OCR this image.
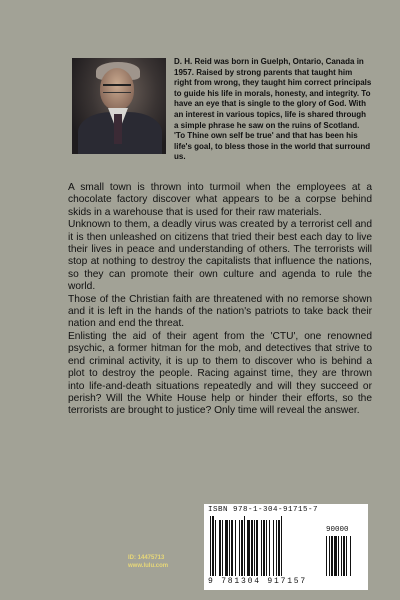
D. H. Reid was born in Guelph, Ontario, Canada in 1957. Raised by strong parents that taught him right from wrong, they taught him correct principals to guide his life in morals, honesty, and integrity. To have an eye that is single to the glory of God. With an interest in various topics, life is shared through a simple phrase he saw on the ruins of Scotland. 'To Thine own self be true' and that has been his life's goal, to bless those in the world that surround us.

A small town is thrown into turmoil when the employees at a chocolate factory discover what appears to be a corpse behind skids in a warehouse that is used for their raw materials.

Unknown to them, a deadly virus was created by a terrorist cell and it is then unleashed on citizens that tried their best each day to live their lives in peace and understanding of others. The terrorists will stop at nothing to destroy the capitalists that influence the nations, so they can promote their own culture and agenda to rule the world.

Those of the Christian faith are threatened with no remorse shown and it is left in the hands of the nation's patriots to take back their nation and end the threat.

Enlisting the aid of their agent from the 'CTU', one renowned psychic, a former hitman for the mob, and detectives that strive to end criminal activity, it is up to them to discover who is behind a plot to destroy the people. Racing against time, they are thrown into life-and-death situations repeatedly and will they succeed or perish? Will the White House help or hinder their efforts, so the terrorists are brought to justice? Only time will reveal the answer.

ISBN 978-1-304-91715-7
90000
9 781304 917157
ID: 14475713
www.lulu.com
